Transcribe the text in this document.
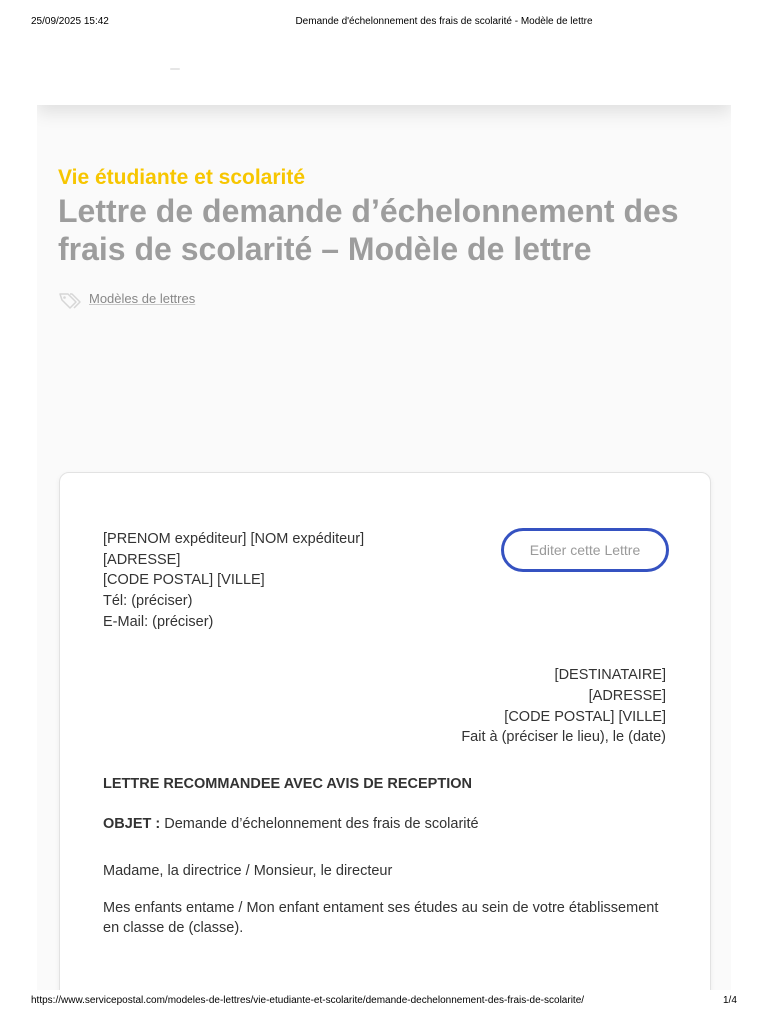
25/09/2025 15:42	Demande d'échelonnement des frais de scolarité - Modèle de lettre
Vie étudiante et scolarité
Lettre de demande d’échelonnement des frais de scolarité – Modèle de lettre
Modèles de lettres
[PRENOM expéditeur] [NOM expéditeur]
[ADRESSE]
[CODE POSTAL] [VILLE]
Tél: (préciser)
E-Mail: (préciser)
Editer cette Lettre
[DESTINATAIRE]
[ADRESSE]
[CODE POSTAL] [VILLE]
Fait à (préciser le lieu), le (date)
LETTRE RECOMMANDEE AVEC AVIS DE RECEPTION
OBJET : Demande d’échelonnement des frais de scolarité
Madame, la directrice / Monsieur, le directeur

Mes enfants entame / Mon enfant entament ses études au sein de votre établissement
en classe de (classe).

https://www.servicepostal.com/modeles-de-lettres/vie-etudiante-et-scolarite/demande-dechelonnement-des-frais-de-scolarite/	1/4
